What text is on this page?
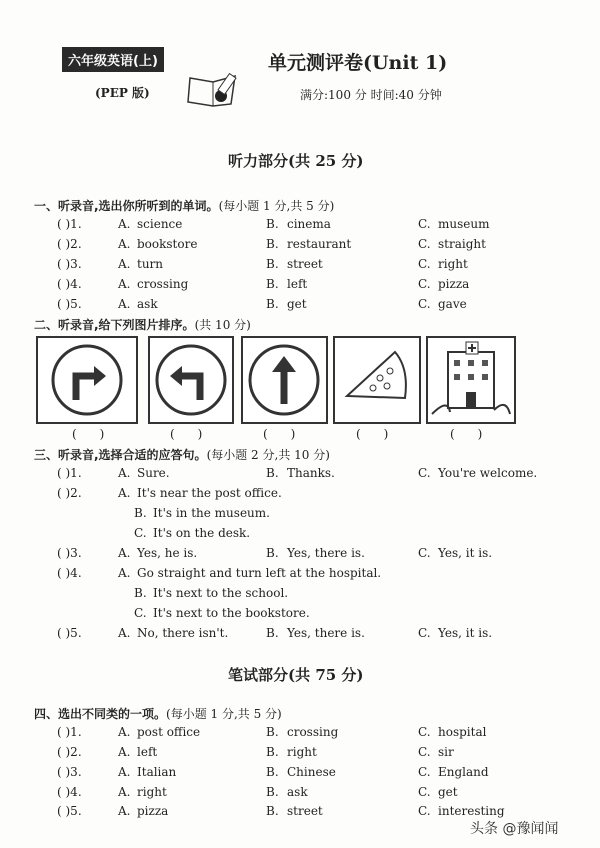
六年级英语(上)
(PEP 版)
单元测评卷(Unit 1)
满分:100 分 时间:40 分钟
听力部分(共 25 分)
笔试部分(共 75 分)
一、听录音,选出你所听到的单词。(每小题 1 分,共 5 分)
二、听录音,给下列图片排序。(共 10 分)
三、听录音,选择合适的应答句。(每小题 2 分,共 10 分)
四、选出不同类的一项。(每小题 1 分,共 5 分)
(      )	(      )	(      )	(      )	(      )
( )1.	A. science	B. cinema	C. museum
( )2.	A. bookstore	B. restaurant	C. straight
( )3.	A. turn	B. street	C. right
( )4.	A. crossing	B. left	C. pizza
( )5.	A. ask	B. get	C. gave
( )1.	A. post office	B. crossing	C. hospital
( )2.	A. left	B. right	C. sir
( )3.	A. Italian	B. Chinese	C. England
( )4.	A. right	B. ask	C. get
( )5.	A. pizza	B. street	C. interesting
( )1.	A. Sure.	B. Thanks.	C. You're welcome.
( )2.	A. It's near the post office.
B. It's in the museum.
C. It's on the desk.
( )3.	A. Yes, he is.	B. Yes, there is.	C. Yes, it is.
( )4.	A. Go straight and turn left at the hospital.
B. It's next to the school.
C. It's next to the bookstore.
( )5.	A. No, there isn't.	B. Yes, there is.	C. Yes, it is.
头条 @豫闻闻
